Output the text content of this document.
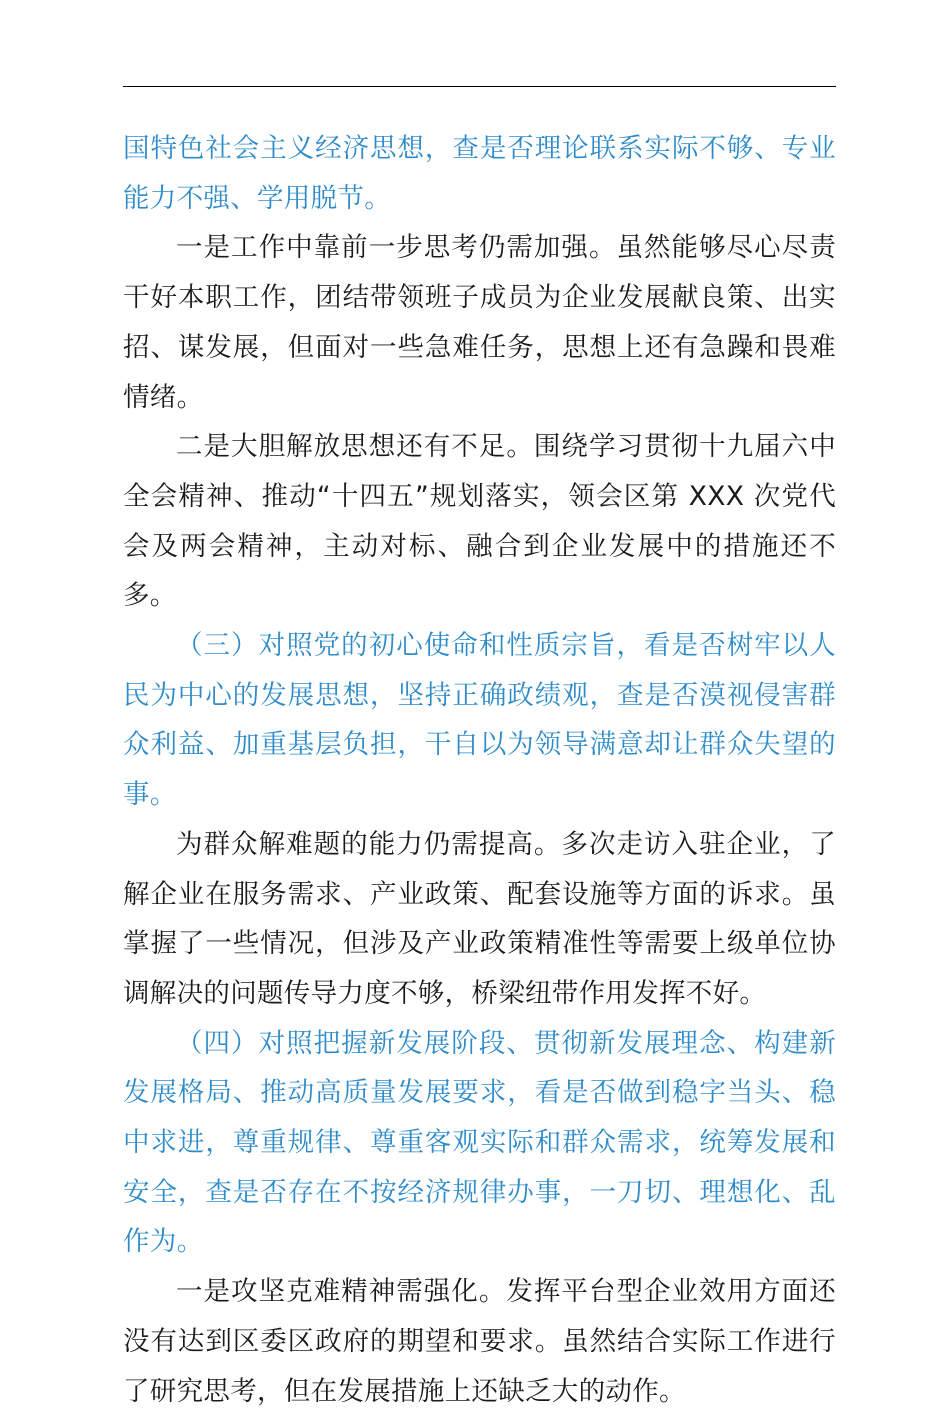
国特色社会主义经济思想，查是否理论联系实际不够、专业能力不强、学用脱节。

一是工作中靠前一步思考仍需加强。虽然能够尽心尽责干好本职工作，团结带领班子成员为企业发展献良策、出实招、谋发展，但面对一些急难任务，思想上还有急躁和畏难情绪。

二是大胆解放思想还有不足。围绕学习贯彻十九届六中全会精神、推动“十四五”规划落实，领会区第 XXX 次党代会及两会精神，主动对标、融合到企业发展中的措施还不多。

（三）对照党的初心使命和性质宗旨，看是否树牢以人民为中心的发展思想，坚持正确政绩观，查是否漠视侵害群众利益、加重基层负担，干自以为领导满意却让群众失望的事。

为群众解难题的能力仍需提高。多次走访入驻企业，了解企业在服务需求、产业政策、配套设施等方面的诉求。虽掌握了一些情况，但涉及产业政策精准性等需要上级单位协调解决的问题传导力度不够，桥梁纽带作用发挥不好。

（四）对照把握新发展阶段、贯彻新发展理念、构建新发展格局、推动高质量发展要求，看是否做到稳字当头、稳中求进，尊重规律、尊重客观实际和群众需求，统筹发展和安全，查是否存在不按经济规律办事，一刀切、理想化、乱作为。

一是攻坚克难精神需强化。发挥平台型企业效用方面还没有达到区委区政府的期望和要求。虽然结合实际工作进行了研究思考，但在发展措施上还缺乏大的动作。
